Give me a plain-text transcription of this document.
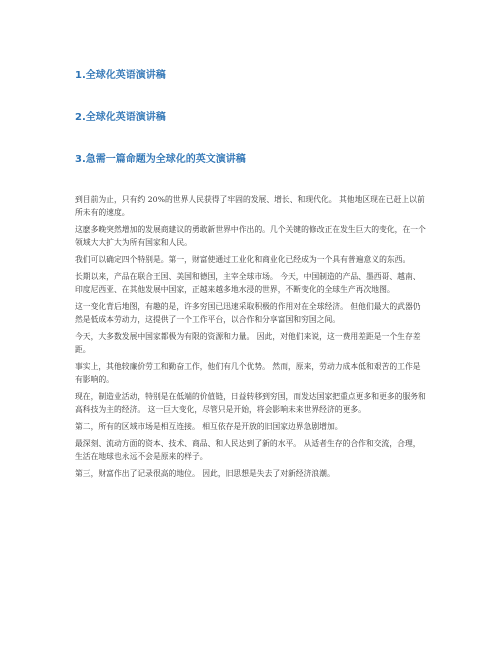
1.全球化英语演讲稿
2.全球化英语演讲稿
3.急需一篇命题为全球化的英文演讲稿

到目前为止，只有约 20%的世界人民获得了牢固的发展、增长、和现代化。 其他地区现在已赶上以前所未有的速度。

这麽多晚突然增加的发展商建议的勇敢新世界中作出的。几个关键的修改正在发生巨大的变化，在一个领域大大扩大为所有国家和人民。

我们可以确定四个特别是。第一，财富使通过工业化和商业化已经成为一个具有普遍意义的东西。

长期以来，产品在联合王国、美国和德国，主宰全球市场。 今天，中国制造的产品、墨西哥、越南、印度尼西亚、在其他发展中国家，正越来越多地水浸的世界，不断变化的全球生产再次地图。

这一变化背后地图，有趣的是，许多穷国已迅速采取积极的作用对在全球经济。 但他们最大的武器仍然是低成本劳动力，这提供了一个工作平台，以合作和分享富国和穷国之间。

今天，大多数发展中国家都极为有限的资源和力量。 因此，对他们来说，这一费用差距是一个生存差距。

事实上，其他较廉价劳工和勤奋工作，他们有几个优势。 然而，原来，劳动力成本低和艰苦的工作是有影响的。

现在，制造业活动，特别是在低端的价值链，日益转移到穷国，而发达国家把重点更多和更多的服务和高科技为主的经济。 这一巨大变化，尽管只是开始，将会影响未来世界经济的更多。

第二，所有的区域市场是相互连接。 相互依存是开放的旧国家边界急剧增加。

最深刻、流动方面的资本、技术、商品、和人民达到了新的水平。 从适者生存的合作和交流，合理，生活在地球也永远不会是原来的样子。

第三，财富作出了记录很高的地位。 因此，旧思想是失去了对新经济浪潮。
